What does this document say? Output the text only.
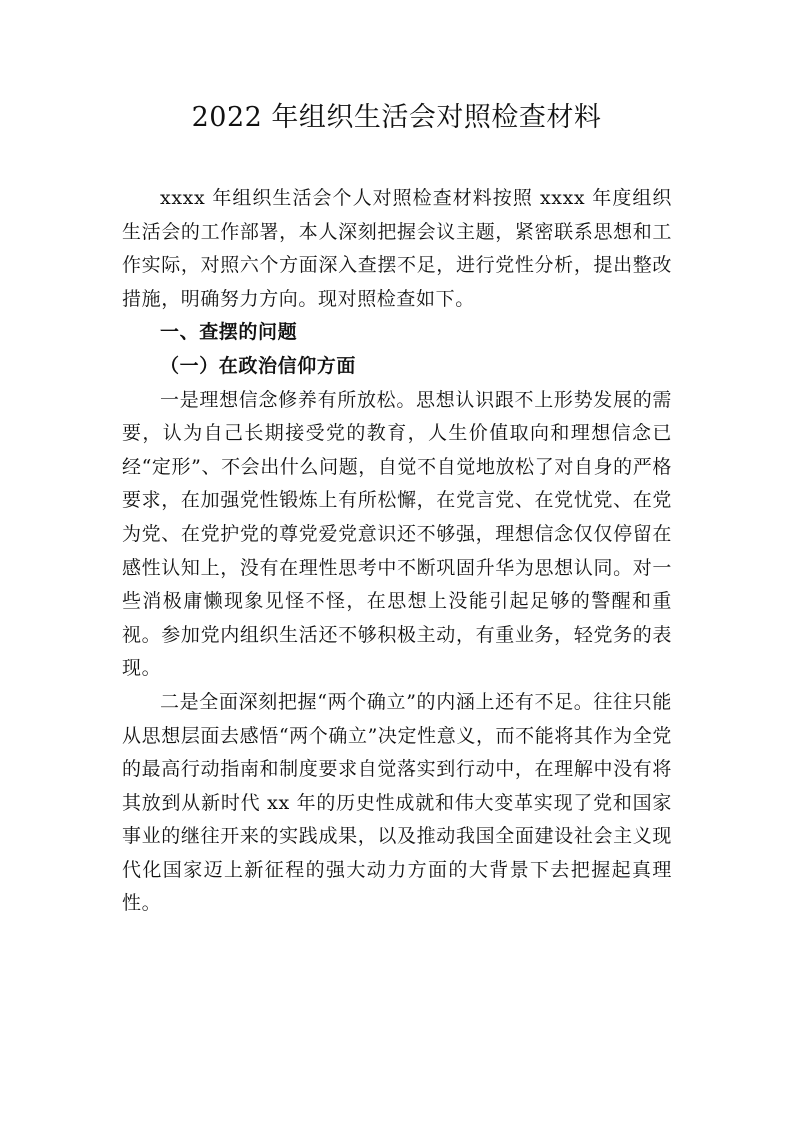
2022 年组织生活会对照检查材料

xxxx 年组织生活会个人对照检查材料按照 xxxx 年度组织生活会的工作部署，本人深刻把握会议主题，紧密联系思想和工作实际，对照六个方面深入查摆不足，进行党性分析，提出整改措施，明确努力方向。现对照检查如下。

一、查摆的问题

（一）在政治信仰方面

一是理想信念修养有所放松。思想认识跟不上形势发展的需要，认为自己长期接受党的教育，人生价值取向和理想信念已经“定形”、不会出什么问题，自觉不自觉地放松了对自身的严格要求，在加强党性锻炼上有所松懈，在党言党、在党忧党、在党为党、在党护党的尊党爱党意识还不够强，理想信念仅仅停留在感性认知上，没有在理性思考中不断巩固升华为思想认同。对一些消极庸懒现象见怪不怪，在思想上没能引起足够的警醒和重视。参加党内组织生活还不够积极主动，有重业务，轻党务的表现。

二是全面深刻把握“两个确立”的内涵上还有不足。往往只能从思想层面去感悟“两个确立”决定性意义，而不能将其作为全党的最高行动指南和制度要求自觉落实到行动中，在理解中没有将其放到从新时代 xx 年的历史性成就和伟大变革实现了党和国家事业的继往开来的实践成果，以及推动我国全面建设社会主义现代化国家迈上新征程的强大动力方面的大背景下去把握起真理性。
